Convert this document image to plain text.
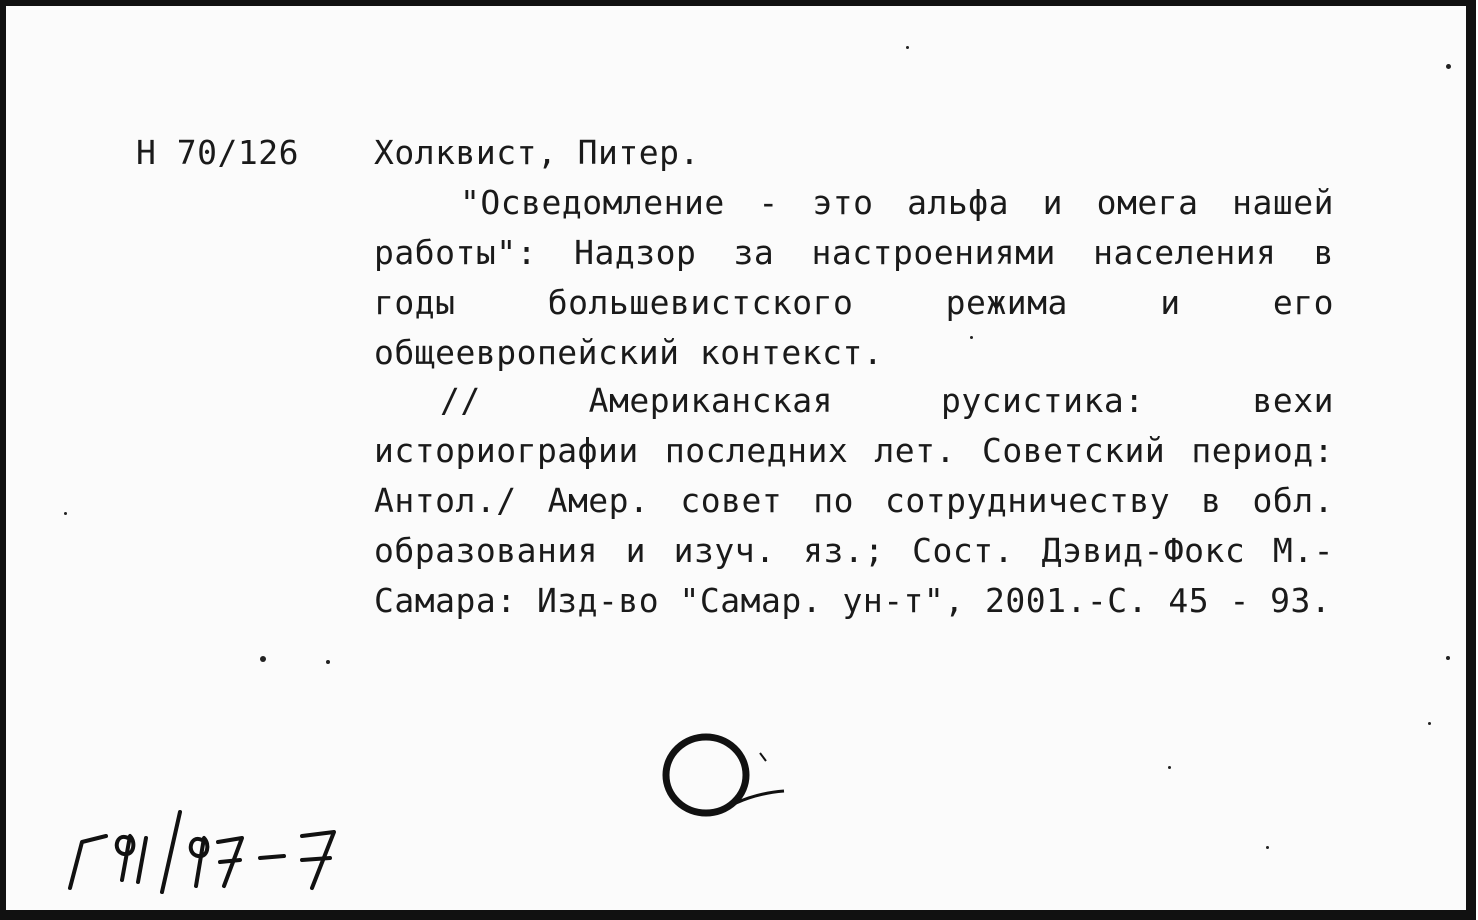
Н 70/126 Холквист, Питер.
"Осведомление - это альфа и омега нашей работы": Надзор за настроениями населения в годы большевистского режима и его общеевропейский контекст.
// Американская русистика: вехи историографии последних лет. Советский период: Антол./ Амер. совет по сотрудничеству в обл. образования и изуч. яз.; Сост. Дэвид-Фокс М.- Самара: Изд-во "Самар. ун-т", 2001.-С. 45 - 93.
